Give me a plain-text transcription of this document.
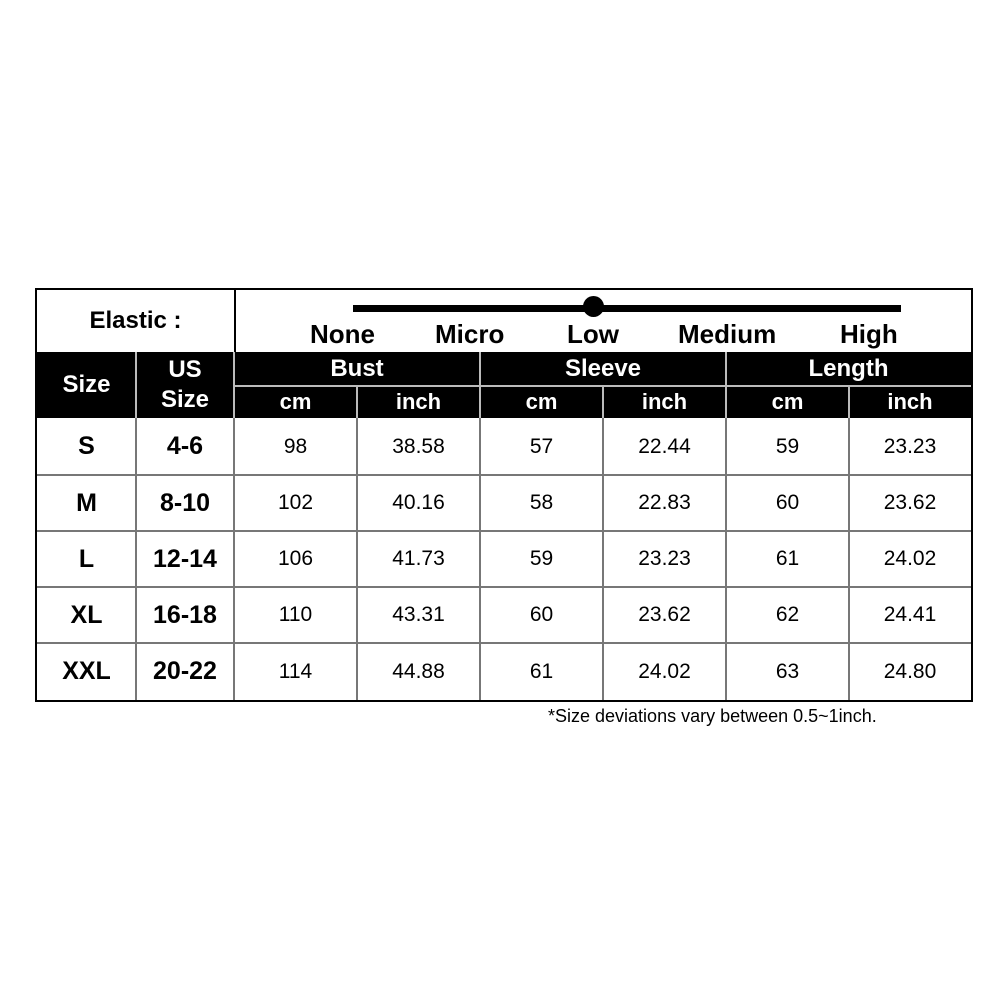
Elastic :	None Micro Low Medium High
Size
US
Size
Bust	Sleeve	Length
cm	inch	cm	inch	cm	inch
S	4-6	98	38.58	57	22.44	59	23.23
M	8-10	102	40.16	58	22.83	60	23.62
L	12-14	106	41.73	59	23.23	61	24.02
XL	16-18	110	43.31	60	23.62	62	24.41
XXL	20-22	114	44.88	61	24.02	63	24.80
*Size deviations vary between 0.5~1inch.
